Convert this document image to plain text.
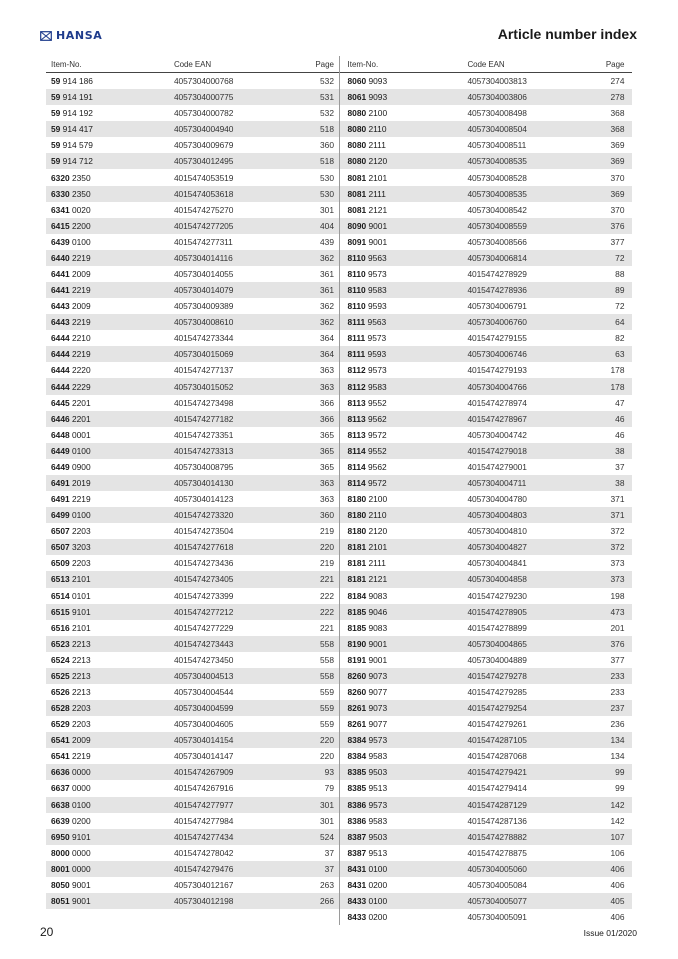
HANSA	Article number index
Item-No.	Code EAN	Page
59 914 186	4057304000768	532
59 914 191	4057304000775	531
59 914 192	4057304000782	532
59 914 417	4057304004940	518
59 914 579	4057304009679	360
59 914 712	4057304012495	518
6320 2350	4015474053519	530
6330 2350	4015474053618	530
6341 0020	4015474275270	301
6415 2200	4015474277205	404
6439 0100	4015474277311	439
6440 2219	4057304014116	362
6441 2009	4057304014055	361
6441 2219	4057304014079	361
6443 2009	4057304009389	362
6443 2219	4057304008610	362
6444 2210	4015474273344	364
6444 2219	4057304015069	364
6444 2220	4015474277137	363
6444 2229	4057304015052	363
6445 2201	4015474273498	366
6446 2201	4015474277182	366
6448 0001	4015474273351	365
6449 0100	4015474273313	365
6449 0900	4057304008795	365
6491 2019	4057304014130	363
6491 2219	4057304014123	363
6499 0100	4015474273320	360
6507 2203	4015474273504	219
6507 3203	4015474277618	220
6509 2203	4015474273436	219
6513 2101	4015474273405	221
6514 0101	4015474273399	222
6515 9101	4015474277212	222
6516 2101	4015474277229	221
6523 2213	4015474273443	558
6524 2213	4015474273450	558
6525 2213	4057304004513	558
6526 2213	4057304004544	559
6528 2203	4057304004599	559
6529 2203	4057304004605	559
6541 2009	4057304014154	220
6541 2219	4057304014147	220
6636 0000	4015474267909	93
6637 0000	4015474267916	79
6638 0100	4015474277977	301
6639 0200	4015474277984	301
6950 9101	4015474277434	524
8000 0000	4015474278042	37
8001 0000	4015474279476	37
8050 9001	4057304012167	263
8051 9001	4057304012198	266
Item-No.	Code EAN	Page
8060 9093	4057304003813	274
8061 9093	4057304003806	278
8080 2100	4057304008498	368
8080 2110	4057304008504	368
8080 2111	4057304008511	369
8080 2120	4057304008535	369
8081 2101	4057304008528	370
8081 2111	4057304008535	369
8081 2121	4057304008542	370
8090 9001	4057304008559	376
8091 9001	4057304008566	377
8110 9563	4057304006814	72
8110 9573	4015474278929	88
8110 9583	4015474278936	89
8110 9593	4057304006791	72
8111 9563	4057304006760	64
8111 9573	4015474279155	82
8111 9593	4057304006746	63
8112 9573	4015474279193	178
8112 9583	4057304004766	178
8113 9552	4015474278974	47
8113 9562	4015474278967	46
8113 9572	4057304004742	46
8114 9552	4015474279018	38
8114 9562	4015474279001	37
8114 9572	4057304004711	38
8180 2100	4057304004780	371
8180 2110	4057304004803	371
8180 2120	4057304004810	372
8181 2101	4057304004827	372
8181 2111	4057304004841	373
8181 2121	4057304004858	373
8184 9083	4015474279230	198
8185 9046	4015474278905	473
8185 9083	4015474278899	201
8190 9001	4057304004865	376
8191 9001	4057304004889	377
8260 9073	4015474279278	233
8260 9077	4015474279285	233
8261 9073	4015474279254	237
8261 9077	4015474279261	236
8384 9573	4015474287105	134
8384 9583	4015474287068	134
8385 9503	4015474279421	99
8385 9513	4015474279414	99
8386 9573	4015474287129	142
8386 9583	4015474287136	142
8387 9503	4015474278882	107
8387 9513	4015474278875	106
8431 0100	4057304005060	406
8431 0200	4057304005084	406
8433 0100	4057304005077	405
8433 0200	4057304005091	406
20	Issue 01/2020
